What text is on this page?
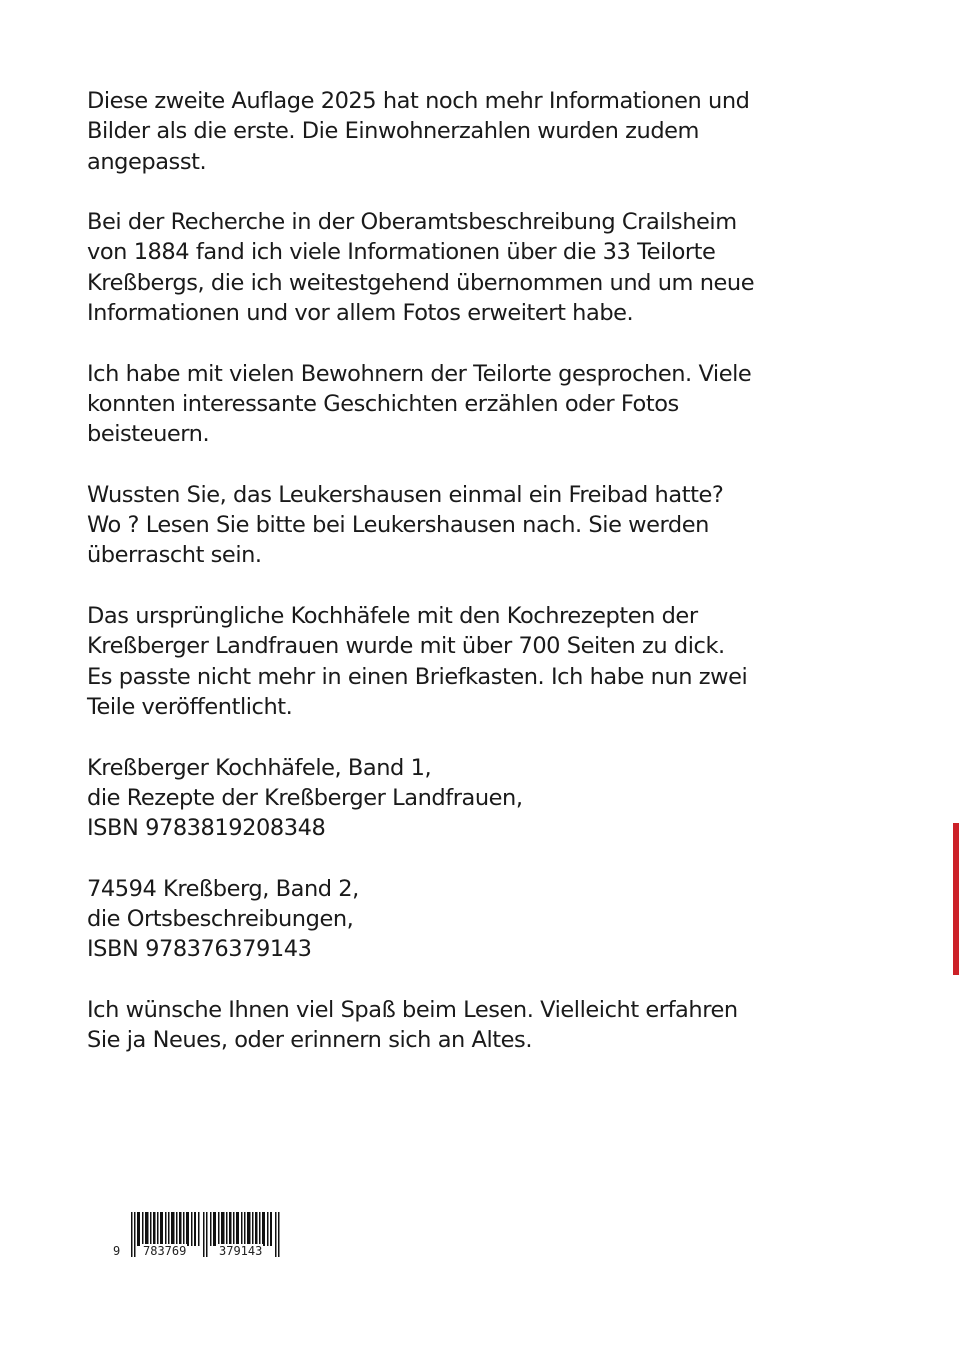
Diese zweite Auflage 2025 hat noch mehr Informationen und
Bilder als die erste. Die Einwohnerzahlen wurden zudem
angepasst.

Bei der Recherche in der Oberamtsbeschreibung Crailsheim
von 1884 fand ich viele Informationen über die 33 Teilorte
Kreßbergs, die ich weitestgehend übernommen und um neue
Informationen und vor allem Fotos erweitert habe.

Ich habe mit vielen Bewohnern der Teilorte gesprochen. Viele
konnten interessante Geschichten erzählen oder Fotos
beisteuern.

Wussten Sie, das Leukershausen einmal ein Freibad hatte?
Wo ? Lesen Sie bitte bei Leukershausen nach. Sie werden
überrascht sein.

Das ursprüngliche Kochhäfele mit den Kochrezepten der
Kreßberger Landfrauen wurde mit über 700 Seiten zu dick.
Es passte nicht mehr in einen Briefkasten. Ich habe nun zwei
Teile veröffentlicht.

Kreßberger Kochhäfele, Band 1,
die Rezepte der Kreßberger Landfrauen,
ISBN 9783819208348

74594 Kreßberg, Band 2,
die Ortsbeschreibungen,
ISBN 978376379143

Ich wünsche Ihnen viel Spaß beim Lesen. Vielleicht erfahren
Sie ja Neues, oder erinnern sich an Altes.

9 783769	379143
